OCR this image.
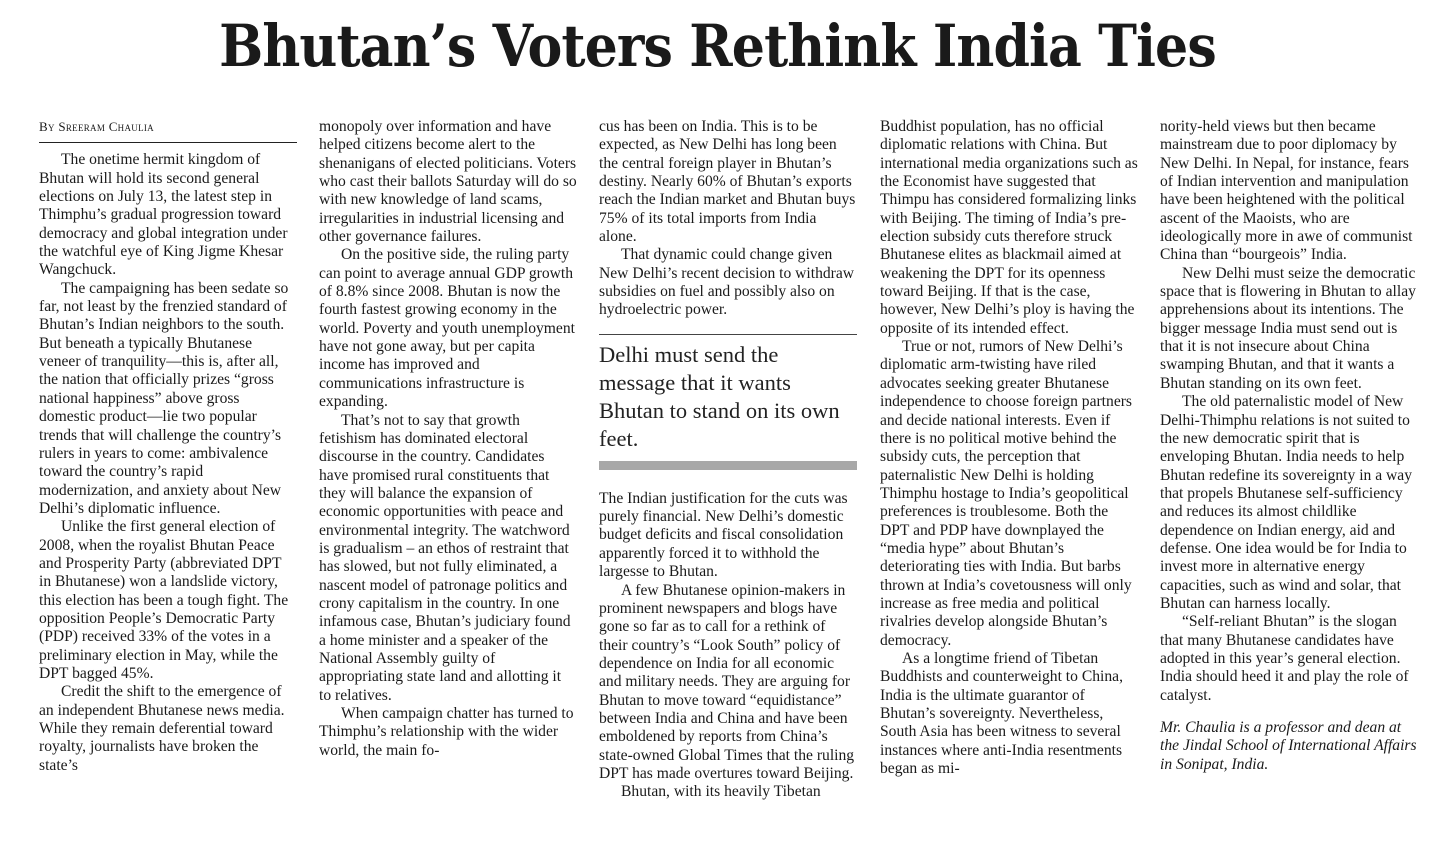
Bhutan’s Voters Rethink India Ties
By Sreeram Chaulia

The onetime hermit kingdom of Bhutan will hold its second general elections on July 13, the latest step in Thimphu’s gradual progression toward democracy and global integration under the watchful eye of King Jigme Khesar Wangchuck.

The campaigning has been sedate so far, not least by the frenzied standard of Bhutan’s Indian neighbors to the south. But beneath a typically Bhutanese veneer of tranquility—this is, after all, the nation that officially prizes “gross national happiness” above gross domestic product—lie two popular trends that will challenge the country’s rulers in years to come: ambivalence toward the country’s rapid modernization, and anxiety about New Delhi’s diplomatic influence.

Unlike the first general election of 2008, when the royalist Bhutan Peace and Prosperity Party (abbreviated DPT in Bhutanese) won a landslide victory, this election has been a tough fight. The opposition People’s Democratic Party (PDP) received 33% of the votes in a preliminary election in May, while the DPT bagged 45%.

Credit the shift to the emergence of an independent Bhutanese news media. While they remain deferential toward royalty, journalists have broken the state’s

monopoly over information and have helped citizens become alert to the shenanigans of elected politicians. Voters who cast their ballots Saturday will do so with new knowledge of land scams, irregularities in industrial licensing and other governance failures.

On the positive side, the ruling party can point to average annual GDP growth of 8.8% since 2008. Bhutan is now the fourth fastest growing economy in the world. Poverty and youth unemployment have not gone away, but per capita income has improved and communications infrastructure is expanding.

That’s not to say that growth fetishism has dominated electoral discourse in the country. Candidates have promised rural constituents that they will balance the expansion of economic opportunities with peace and environmental integrity. The watchword is gradualism – an ethos of restraint that has slowed, but not fully eliminated, a nascent model of patronage politics and crony capitalism in the country. In one infamous case, Bhutan’s judiciary found a home minister and a speaker of the National Assembly guilty of appropriating state land and allotting it to relatives.

When campaign chatter has turned to Thimphu’s relationship with the wider world, the main fo-

cus has been on India. This is to be expected, as New Delhi has long been the central foreign player in Bhutan’s destiny. Nearly 60% of Bhutan’s exports reach the Indian market and Bhutan buys 75% of its total imports from India alone.

That dynamic could change given New Delhi’s recent decision to withdraw subsidies on fuel and possibly also on hydroelectric power.

Delhi must send the message that it wants Bhutan to stand on its own feet.

The Indian justification for the cuts was purely financial. New Delhi’s domestic budget deficits and fiscal consolidation apparently forced it to withhold the largesse to Bhutan.

A few Bhutanese opinion-makers in prominent newspapers and blogs have gone so far as to call for a rethink of their country’s “Look South” policy of dependence on India for all economic and military needs. They are arguing for Bhutan to move toward “equidistance” between India and China and have been emboldened by reports from China’s state-owned Global Times that the ruling DPT has made overtures toward Beijing.

Bhutan, with its heavily Tibetan

Buddhist population, has no official diplomatic relations with China. But international media organizations such as the Economist have suggested that Thimpu has considered formalizing links with Beijing. The timing of India’s pre-election subsidy cuts therefore struck Bhutanese elites as blackmail aimed at weakening the DPT for its openness toward Beijing. If that is the case, however, New Delhi’s ploy is having the opposite of its intended effect.

True or not, rumors of New Delhi’s diplomatic arm-twisting have riled advocates seeking greater Bhutanese independence to choose foreign partners and decide national interests. Even if there is no political motive behind the subsidy cuts, the perception that paternalistic New Delhi is holding Thimphu hostage to India’s geopolitical preferences is troublesome. Both the DPT and PDP have downplayed the “media hype” about Bhutan’s deteriorating ties with India. But barbs thrown at India’s covetousness will only increase as free media and political rivalries develop alongside Bhutan’s democracy.

As a longtime friend of Tibetan Buddhists and counterweight to China, India is the ultimate guarantor of Bhutan’s sovereignty. Nevertheless, South Asia has been witness to several instances where anti-India resentments began as mi-

nority-held views but then became mainstream due to poor diplomacy by New Delhi. In Nepal, for instance, fears of Indian intervention and manipulation have been heightened with the political ascent of the Maoists, who are ideologically more in awe of communist China than “bourgeois” India.

New Delhi must seize the democratic space that is flowering in Bhutan to allay apprehensions about its intentions. The bigger message India must send out is that it is not insecure about China swamping Bhutan, and that it wants a Bhutan standing on its own feet.

The old paternalistic model of New Delhi-Thimphu relations is not suited to the new democratic spirit that is enveloping Bhutan. India needs to help Bhutan redefine its sovereignty in a way that propels Bhutanese self-sufficiency and reduces its almost childlike dependence on Indian energy, aid and defense. One idea would be for India to invest more in alternative energy capacities, such as wind and solar, that Bhutan can harness locally.

“Self-reliant Bhutan” is the slogan that many Bhutanese candidates have adopted in this year’s general election. India should heed it and play the role of catalyst.

Mr. Chaulia is a professor and dean at the Jindal School of International Affairs in Sonipat, India.
